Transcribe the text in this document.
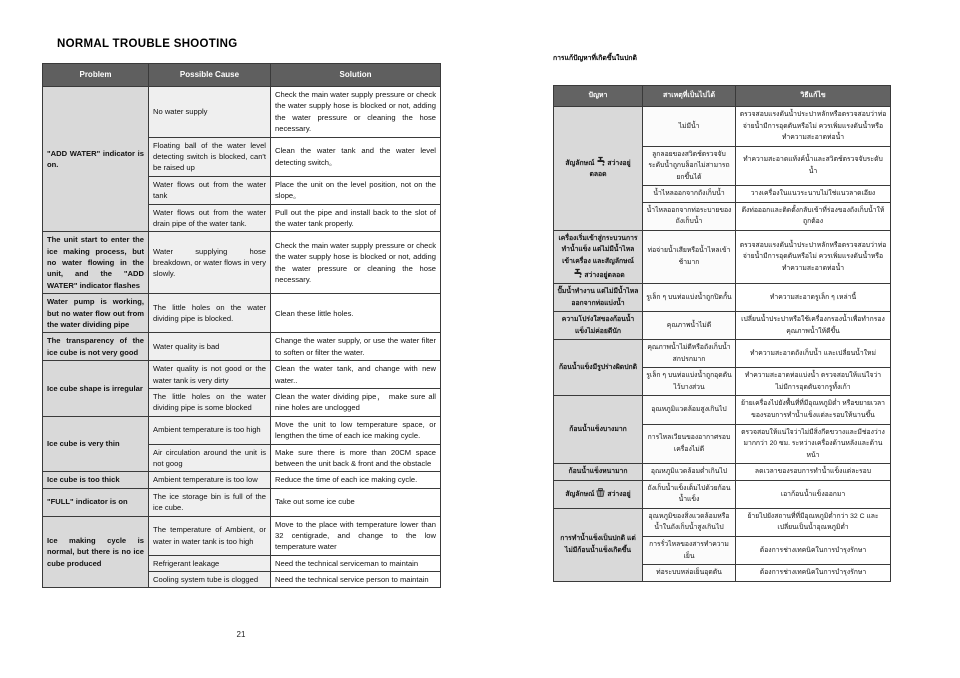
NORMAL TROUBLE SHOOTING
Problem	Possible Cause	Solution
"ADD WATER" indicator is on.	No water supply	Check the main water supply pressure or check the water supply hose is blocked or not, adding the water pressure or cleaning the hose necessary.
	Floating ball of the water level detecting switch is blocked, can't be raised up	Clean the water tank and the water level detecting switch。
	Water flows out from the water tank	Place the unit on the level position, not on the slope。
	Water flows out from the water drain pipe of the water tank.	Pull out the pipe and install back to the slot of the water tank properly.
The unit start to enter the ice making process, but no water flowing in the unit, and the "ADD WATER" indicator flashes	Water supplying hose breakdown, or water flows in very slowly.	Check the main water supply pressure or check the water supply hose is blocked or not, adding the water pressure or cleaning the hose necessary.
Water pump is working, but no water flow out from the water dividing pipe	The little holes on the water dividing pipe is blocked.	Clean these little holes.
The transparency of the ice cube is not very good	Water quality is bad	Change the water supply, or use the water filter to soften or filter the water.
Ice cube shape is irregular	Water quality is not good or the water tank is very dirty	Clean the water tank, and change with new water..
	The little holes on the water dividing pipe is some blocked	Clean the water dividing pipe， make sure all nine holes are unclogged
Ice cube is very thin	Ambient temperature is too high	Move the unit to low temperature space, or lengthen the time of each ice making cycle.
	Air circulation around the unit is not goog	Make sure there is more than 20CM space between the unit back & front and the obstacle
Ice cube is too thick	Ambient temperature is too low	Reduce the time of each ice making cycle.
"FULL" indicator is on	The ice storage bin is full of the ice cube.	Take out some ice cube
Ice making cycle is normal, but there is no ice cube produced	The temperature of Ambient, or water in water tank is too high	Move to the place with temperature lower than 32 centigrade, and change to the low temperature water
	Refrigerant leakage	Need the technical serviceman to maintain
	Cooling system tube is clogged	Need the technical service person to maintain
21
การแก้ปัญหาที่เกิดขึ้นในปกติ
ปัญหา	สาเหตุที่เป็นไปได้	วิธีแก้ไข
สัญลักษณ์ สว่างอยู่ตลอด	ไม่มีน้ำ	ตรวจสอบแรงดันน้ำประปาหลักหรือตรวจสอบว่าท่อจ่ายน้ำมีการอุดตันหรือไม่ ควรเพิ่มแรงดันน้ำหรือทำความสะอาดท่อน้ำ
	ลูกลอยของสวิตช์ตรวจจับระดับน้ำถูกบล็อกไม่สามารถยกขึ้นได้	ทำความสะอาดแท้งค์น้ำและสวิตช์ตรวจจับระดับน้ำ
	น้ำไหลออกจากถังเก็บน้ำ	วางเครื่องในแนวระนาบไม่ใช่แนวลาดเอียง
	น้ำไหลออกจากท่อระบายของถังเก็บน้ำ	ดึงท่อออกและติดตั้งกลับเข้าที่ร่องของถังเก็บน้ำให้ถูกต้อง
เครื่องเริ่มเข้าสู่กระบวนการทำน้ำแข็ง แต่ไม่มีน้ำไหลเข้าเครื่อง และสัญลักษณ์
สว่างอยู่ตลอด	ท่อจ่ายน้ำเสียหรือน้ำไหลเข้าช้ามาก	ตรวจสอบแรงดันน้ำประปาหลักหรือตรวจสอบว่าท่อจ่ายน้ำมีการอุดตันหรือไม่ ควรเพิ่มแรงดันน้ำหรือทำความสะอาดท่อน้ำ
ปั๊มน้ำทำงาน แต่ไม่มีน้ำไหลออกจากท่อแบ่งน้ำ	รูเล็ก ๆ บนท่อแบ่งน้ำถูกปิดกั้น	ทำความสะอาดรูเล็ก ๆ เหล่านี้
ความโปร่งใสของก้อนน้ำแข็งไม่ค่อยดีนัก	คุณภาพน้ำไม่ดี	เปลี่ยนน้ำประปาหรือใช้เครื่องกรองน้ำเพื่อทำกรองคุณภาพน้ำให้ดีขึ้น
ก้อนน้ำแข็งมีรูปร่างผิดปกติ	คุณภาพน้ำไม่ดีหรือถังเก็บน้ำสกปรกมาก	ทำความสะอาดถังเก็บน้ำ และเปลี่ยนน้ำใหม่
	รูเล็ก ๆ บนท่อแบ่งน้ำถูกอุดตันไว้บางส่วน	ทำความสะอาดท่อแบ่งน้ำ ตรวจสอบให้แน่ใจว่าไม่มีการอุดตันจากรูทั้งเก้า
ก้อนน้ำแข็งบางมาก	อุณหภูมิแวดล้อมสูงเกินไป	ย้ายเครื่องไปยังพื้นที่ที่มีอุณหภูมิต่ำ หรือขยายเวลาของรอบการทำน้ำแข็งแต่ละรอบให้นานขึ้น
	การไหลเวียนของอากาศรอบเครื่องไม่ดี	ตรวจสอบให้แน่ใจว่าไม่มีสิ่งกีดขวางและมีช่องว่างมากกว่า 20 ซม. ระหว่างเครื่องด้านหลังและด้านหน้า
ก้อนน้ำแข็งหนามาก	อุณหภูมิแวดล้อมต่ำเกินไป	ลดเวลาของรอบการทำน้ำแข็งแต่ละรอบ
สัญลักษณ์ สว่างอยู่	ถังเก็บน้ำแข็งเต็มไปด้วยก้อนน้ำแข็ง	เอาก้อนน้ำแข็งออกมา
การทำน้ำแข็งเป็นปกติ แต่ไม่มีก้อนน้ำแข็งเกิดขึ้น	อุณหภูมิของสิ่งแวดล้อมหรือน้ำในถังเก็บน้ำสูงเกินไป	ย้ายไปยังสถานที่ที่มีอุณหภูมิต่ำกว่า 32 C และเปลี่ยนเป็นน้ำอุณหภูมิต่ำ
	การรั่วไหลของสารทำความเย็น	ต้องการช่างเทคนิคในการบำรุงรักษา
	ท่อระบบหล่อเย็นอุดตัน	ต้องการช่างเทคนิคในการบำรุงรักษา
